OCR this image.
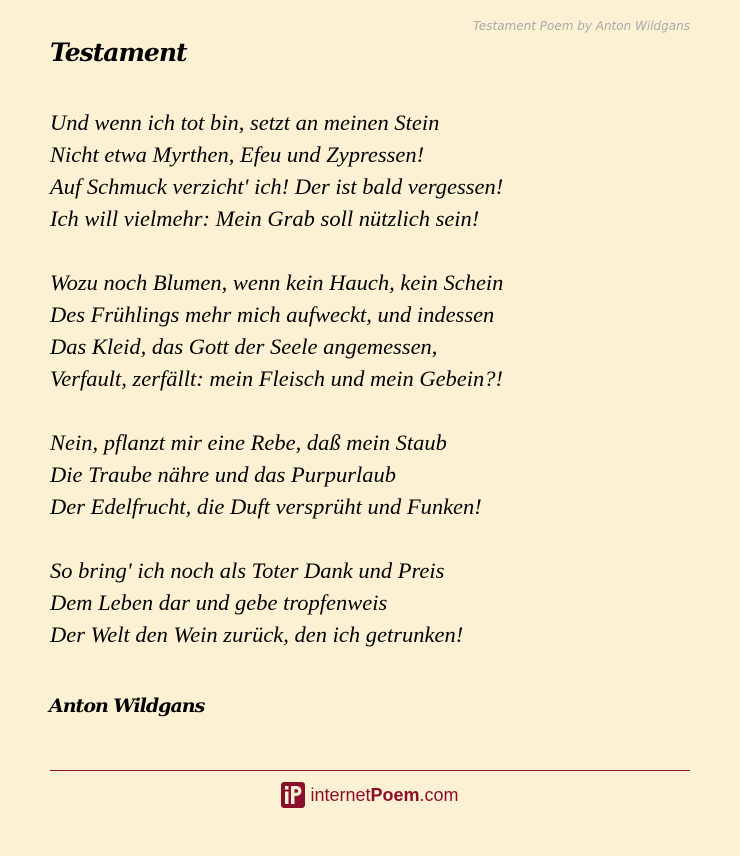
Testament Poem by Anton Wildgans
Testament
Und wenn ich tot bin, setzt an meinen Stein
Nicht etwa Myrthen, Efeu und Zypressen!
Auf Schmuck verzicht' ich! Der ist bald vergessen!
Ich will vielmehr: Mein Grab soll nützlich sein!
Wozu noch Blumen, wenn kein Hauch, kein Schein
Des Frühlings mehr mich aufweckt, und indessen
Das Kleid, das Gott der Seele angemessen,
Verfault, zerfällt: mein Fleisch und mein Gebein?!
Nein, pflanzt mir eine Rebe, daß mein Staub
Die Traube nähre und das Purpurlaub
Der Edelfrucht, die Duft versprüht und Funken!
So bring' ich noch als Toter Dank und Preis
Dem Leben dar und gebe tropfenweis
Der Welt den Wein zurück, den ich getrunken!
Anton Wildgans
internetPoem.com
